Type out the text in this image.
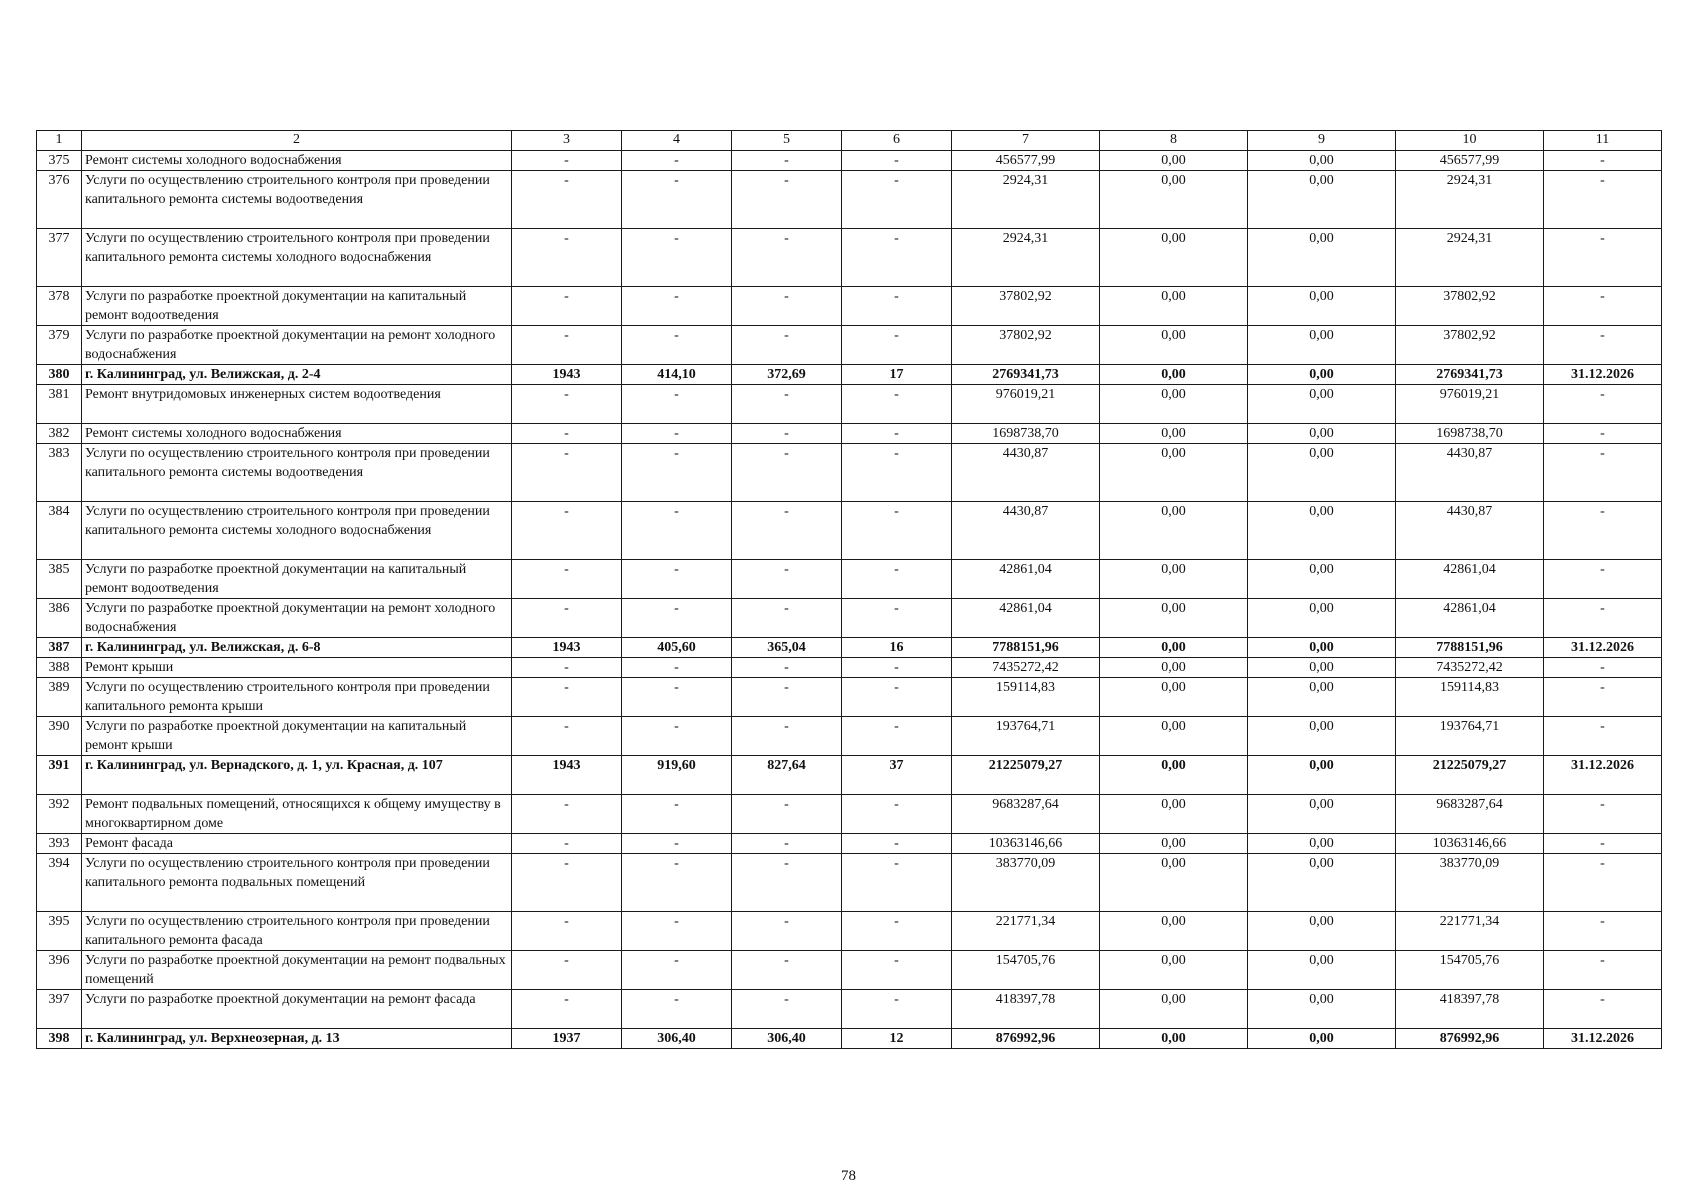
1	2	3	4	5	6	7	8	9	10	11
375	Ремонт системы холодного водоснабжения	-	-	-	-	456577,99	0,00	0,00	456577,99	-
376	Услуги по осуществлению строительного контроля при проведении капитального ремонта системы водоотведения	-	-	-	-	2924,31	0,00	0,00	2924,31	-
377	Услуги по осуществлению строительного контроля при проведении капитального ремонта системы холодного водоснабжения	-	-	-	-	2924,31	0,00	0,00	2924,31	-
378	Услуги по разработке проектной документации на капитальный ремонт водоотведения	-	-	-	-	37802,92	0,00	0,00	37802,92	-
379	Услуги по разработке проектной документации на ремонт холодного водоснабжения	-	-	-	-	37802,92	0,00	0,00	37802,92	-
380	г. Калининград, ул. Велижская, д. 2-4	1943	414,10	372,69	17	2769341,73	0,00	0,00	2769341,73	31.12.2026
381	Ремонт внутридомовых инженерных систем водоотведения	-	-	-	-	976019,21	0,00	0,00	976019,21	-
382	Ремонт системы холодного водоснабжения	-	-	-	-	1698738,70	0,00	0,00	1698738,70	-
383	Услуги по осуществлению строительного контроля при проведении капитального ремонта системы водоотведения	-	-	-	-	4430,87	0,00	0,00	4430,87	-
384	Услуги по осуществлению строительного контроля при проведении капитального ремонта системы холодного водоснабжения	-	-	-	-	4430,87	0,00	0,00	4430,87	-
385	Услуги по разработке проектной документации на капитальный ремонт водоотведения	-	-	-	-	42861,04	0,00	0,00	42861,04	-
386	Услуги по разработке проектной документации на ремонт холодного водоснабжения	-	-	-	-	42861,04	0,00	0,00	42861,04	-
387	г. Калининград, ул. Велижская, д. 6-8	1943	405,60	365,04	16	7788151,96	0,00	0,00	7788151,96	31.12.2026
388	Ремонт крыши	-	-	-	-	7435272,42	0,00	0,00	7435272,42	-
389	Услуги по осуществлению строительного контроля при проведении капитального ремонта крыши	-	-	-	-	159114,83	0,00	0,00	159114,83	-
390	Услуги по разработке проектной документации на капитальный ремонт крыши	-	-	-	-	193764,71	0,00	0,00	193764,71	-
391	г. Калининград, ул. Вернадского, д. 1, ул. Красная, д. 107	1943	919,60	827,64	37	21225079,27	0,00	0,00	21225079,27	31.12.2026
392	Ремонт подвальных помещений, относящихся к общему имуществу в многоквартирном доме	-	-	-	-	9683287,64	0,00	0,00	9683287,64	-
393	Ремонт фасада	-	-	-	-	10363146,66	0,00	0,00	10363146,66	-
394	Услуги по осуществлению строительного контроля при проведении капитального ремонта подвальных помещений	-	-	-	-	383770,09	0,00	0,00	383770,09	-
395	Услуги по осуществлению строительного контроля при проведении капитального ремонта фасада	-	-	-	-	221771,34	0,00	0,00	221771,34	-
396	Услуги по разработке проектной документации на ремонт подвальных помещений	-	-	-	-	154705,76	0,00	0,00	154705,76	-
397	Услуги по разработке проектной документации на ремонт фасада	-	-	-	-	418397,78	0,00	0,00	418397,78	-
398	г. Калининград, ул. Верхнеозерная, д. 13	1937	306,40	306,40	12	876992,96	0,00	0,00	876992,96	31.12.2026
78
